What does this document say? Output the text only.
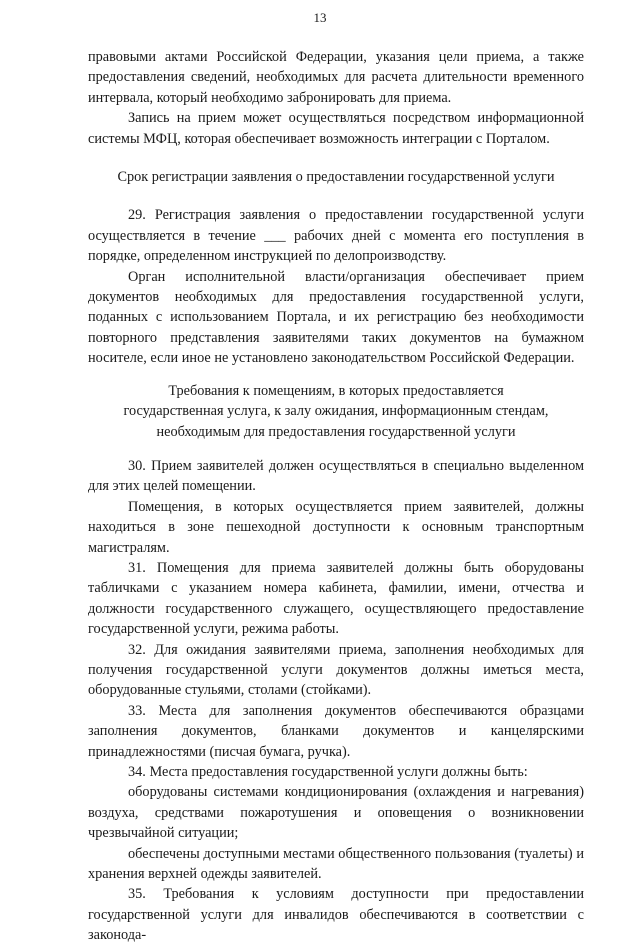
13

правовыми актами Российской Федерации, указания цели приема, а также предоставления сведений, необходимых для расчета длительности временного интервала, который необходимо забронировать для приема.

Запись на прием может осуществляться посредством информационной системы МФЦ, которая обеспечивает возможность интеграции с Порталом.

Срок регистрации заявления о предоставлении государственной услуги

29. Регистрация заявления о предоставлении государственной услуги осуществляется в течение ___ рабочих дней с момента его поступления в порядке, определенном инструкцией по делопроизводству.

Орган исполнительной власти/организация обеспечивает прием документов необходимых для предоставления государственной услуги, поданных с использованием Портала, и их регистрацию без необходимости повторного представления заявителями таких документов на бумажном носителе, если иное не установлено законодательством Российской Федерации.

Требования к помещениям, в которых предоставляется
государственная услуга, к залу ожидания, информационным стендам,
необходимым для предоставления государственной услуги

30. Прием заявителей должен осуществляться в специально выделенном для этих целей помещении.

Помещения, в которых осуществляется прием заявителей, должны находиться в зоне пешеходной доступности к основным транспортным магистралям.

31. Помещения для приема заявителей должны быть оборудованы табличками с указанием номера кабинета, фамилии, имени, отчества и должности государственного служащего, осуществляющего предоставление государственной услуги, режима работы.

32. Для ожидания заявителями приема, заполнения необходимых для получения государственной услуги документов должны иметься места, оборудованные стульями, столами (стойками).

33. Места для заполнения документов обеспечиваются образцами заполнения документов, бланками документов и канцелярскими принадлежностями (писчая бумага, ручка).

34. Места предоставления государственной услуги должны быть:

оборудованы системами кондиционирования (охлаждения и нагревания) воздуха, средствами пожаротушения и оповещения о возникновении чрезвычайной ситуации;

обеспечены доступными местами общественного пользования (туалеты) и хранения верхней одежды заявителей.

35. Требования к условиям доступности при предоставлении государственной услуги для инвалидов обеспечиваются в соответствии с законода-
